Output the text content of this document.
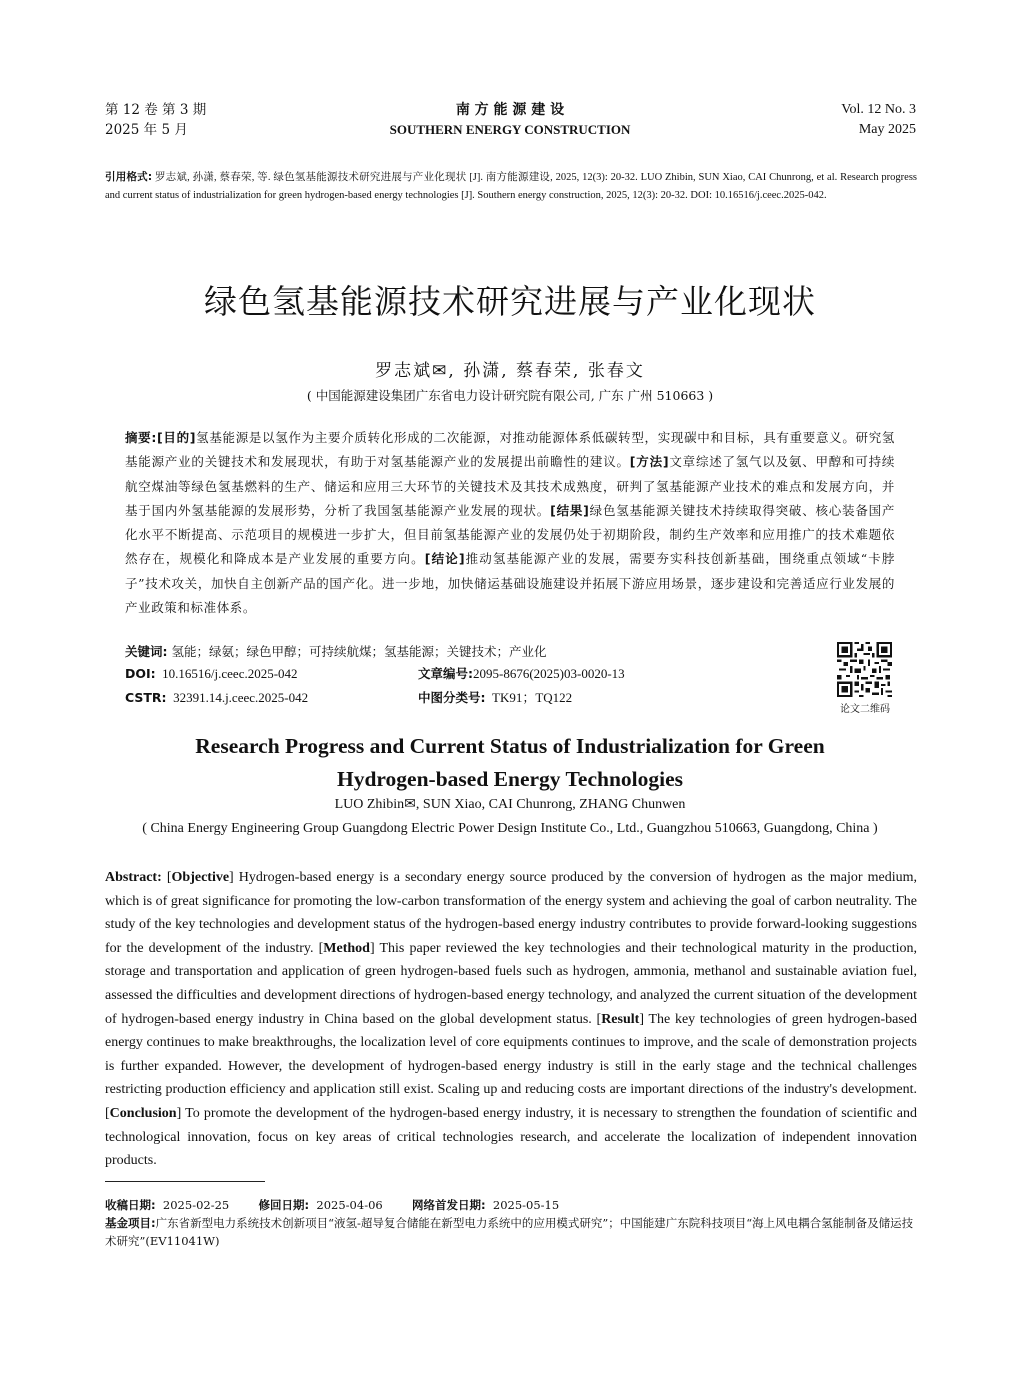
第 12 卷 第 3 期
2025 年 5 月
南 方 能 源 建 设
SOUTHERN ENERGY CONSTRUCTION
Vol. 12 No. 3
May 2025
引用格式: 罗志斌, 孙潇, 蔡春荣, 等. 绿色氢基能源技术研究进展与产业化现状 [J]. 南方能源建设, 2025, 12(3): 20-32. LUO Zhibin, SUN Xiao, CAI Chunrong, et al. Research progress and current status of industrialization for green hydrogen-based energy technologies [J]. Southern energy construction, 2025, 12(3): 20-32. DOI: 10.16516/j.ceec.2025-042.
绿色氢基能源技术研究进展与产业化现状
罗志斌✉, 孙潇, 蔡春荣, 张春文
( 中国能源建设集团广东省电力设计研究院有限公司, 广东 广州 510663 )
摘要:[目的]氢基能源是以氢作为主要介质转化形成的二次能源，对推动能源体系低碳转型，实现碳中和目标，具有重要意义。研究氢基能源产业的关键技术和发展现状，有助于对氢基能源产业的发展提出前瞻性的建议。[方法]文章综述了氢气以及氨、甲醇和可持续航空煤油等绿色氢基燃料的生产、储运和应用三大环节的关键技术及其技术成熟度，研判了氢基能源产业技术的难点和发展方向，并基于国内外氢基能源的发展形势，分析了我国氢基能源产业发展的现状。[结果]绿色氢基能源关键技术持续取得突破、核心装备国产化水平不断提高、示范项目的规模进一步扩大，但目前氢基能源产业的发展仍处于初期阶段，制约生产效率和应用推广的技术难题依然存在，规模化和降成本是产业发展的重要方向。[结论]推动氢基能源产业的发展，需要夯实科技创新基础，围绕重点领域“卡脖子”技术攻关，加快自主创新产品的国产化。进一步地，加快储运基础设施建设并拓展下游应用场景，逐步建设和完善适应行业发展的产业政策和标准体系。
关键词: 氢能；绿氨；绿色甲醇；可持续航煤；氢基能源；关键技术；产业化
DOI: 10.16516/j.ceec.2025-042	文章编号:2095-8676(2025)03-0020-13
CSTR: 32391.14.j.ceec.2025-042	中图分类号: TK91；TQ122
论文二维码
Research Progress and Current Status of Industrialization for Green
Hydrogen-based Energy Technologies
LUO Zhibin✉, SUN Xiao, CAI Chunrong, ZHANG Chunwen
( China Energy Engineering Group Guangdong Electric Power Design Institute Co., Ltd., Guangzhou 510663, Guangdong, China )
Abstract: [Objective] Hydrogen-based energy is a secondary energy source produced by the conversion of hydrogen as the major medium, which is of great significance for promoting the low-carbon transformation of the energy system and achieving the goal of carbon neutrality. The study of the key technologies and development status of the hydrogen-based energy industry contributes to provide forward-looking suggestions for the development of the industry. [Method] This paper reviewed the key technologies and their technological maturity in the production, storage and transportation and application of green hydrogen-based fuels such as hydrogen, ammonia, methanol and sustainable aviation fuel, assessed the difficulties and development directions of hydrogen-based energy technology, and analyzed the current situation of the development of hydrogen-based energy industry in China based on the global development status. [Result] The key technologies of green hydrogen-based energy continues to make breakthroughs, the localization level of core equipments continues to improve, and the scale of demonstration projects is further expanded. However, the development of hydrogen-based energy industry is still in the early stage and the technical challenges restricting production efficiency and application still exist. Scaling up and reducing costs are important directions of the industry's development. [Conclusion] To promote the development of the hydrogen-based energy industry, it is necessary to strengthen the foundation of scientific and technological innovation, focus on key areas of critical technologies research, and accelerate the localization of independent innovation products.
收稿日期: 2025-02-25	修回日期: 2025-04-06	网络首发日期: 2025-05-15
基金项目:广东省新型电力系统技术创新项目“液氢-超导复合储能在新型电力系统中的应用模式研究”；中国能建广东院科技项目“海上风电耦合氢能制备及储运技术研究”(EV11041W)
